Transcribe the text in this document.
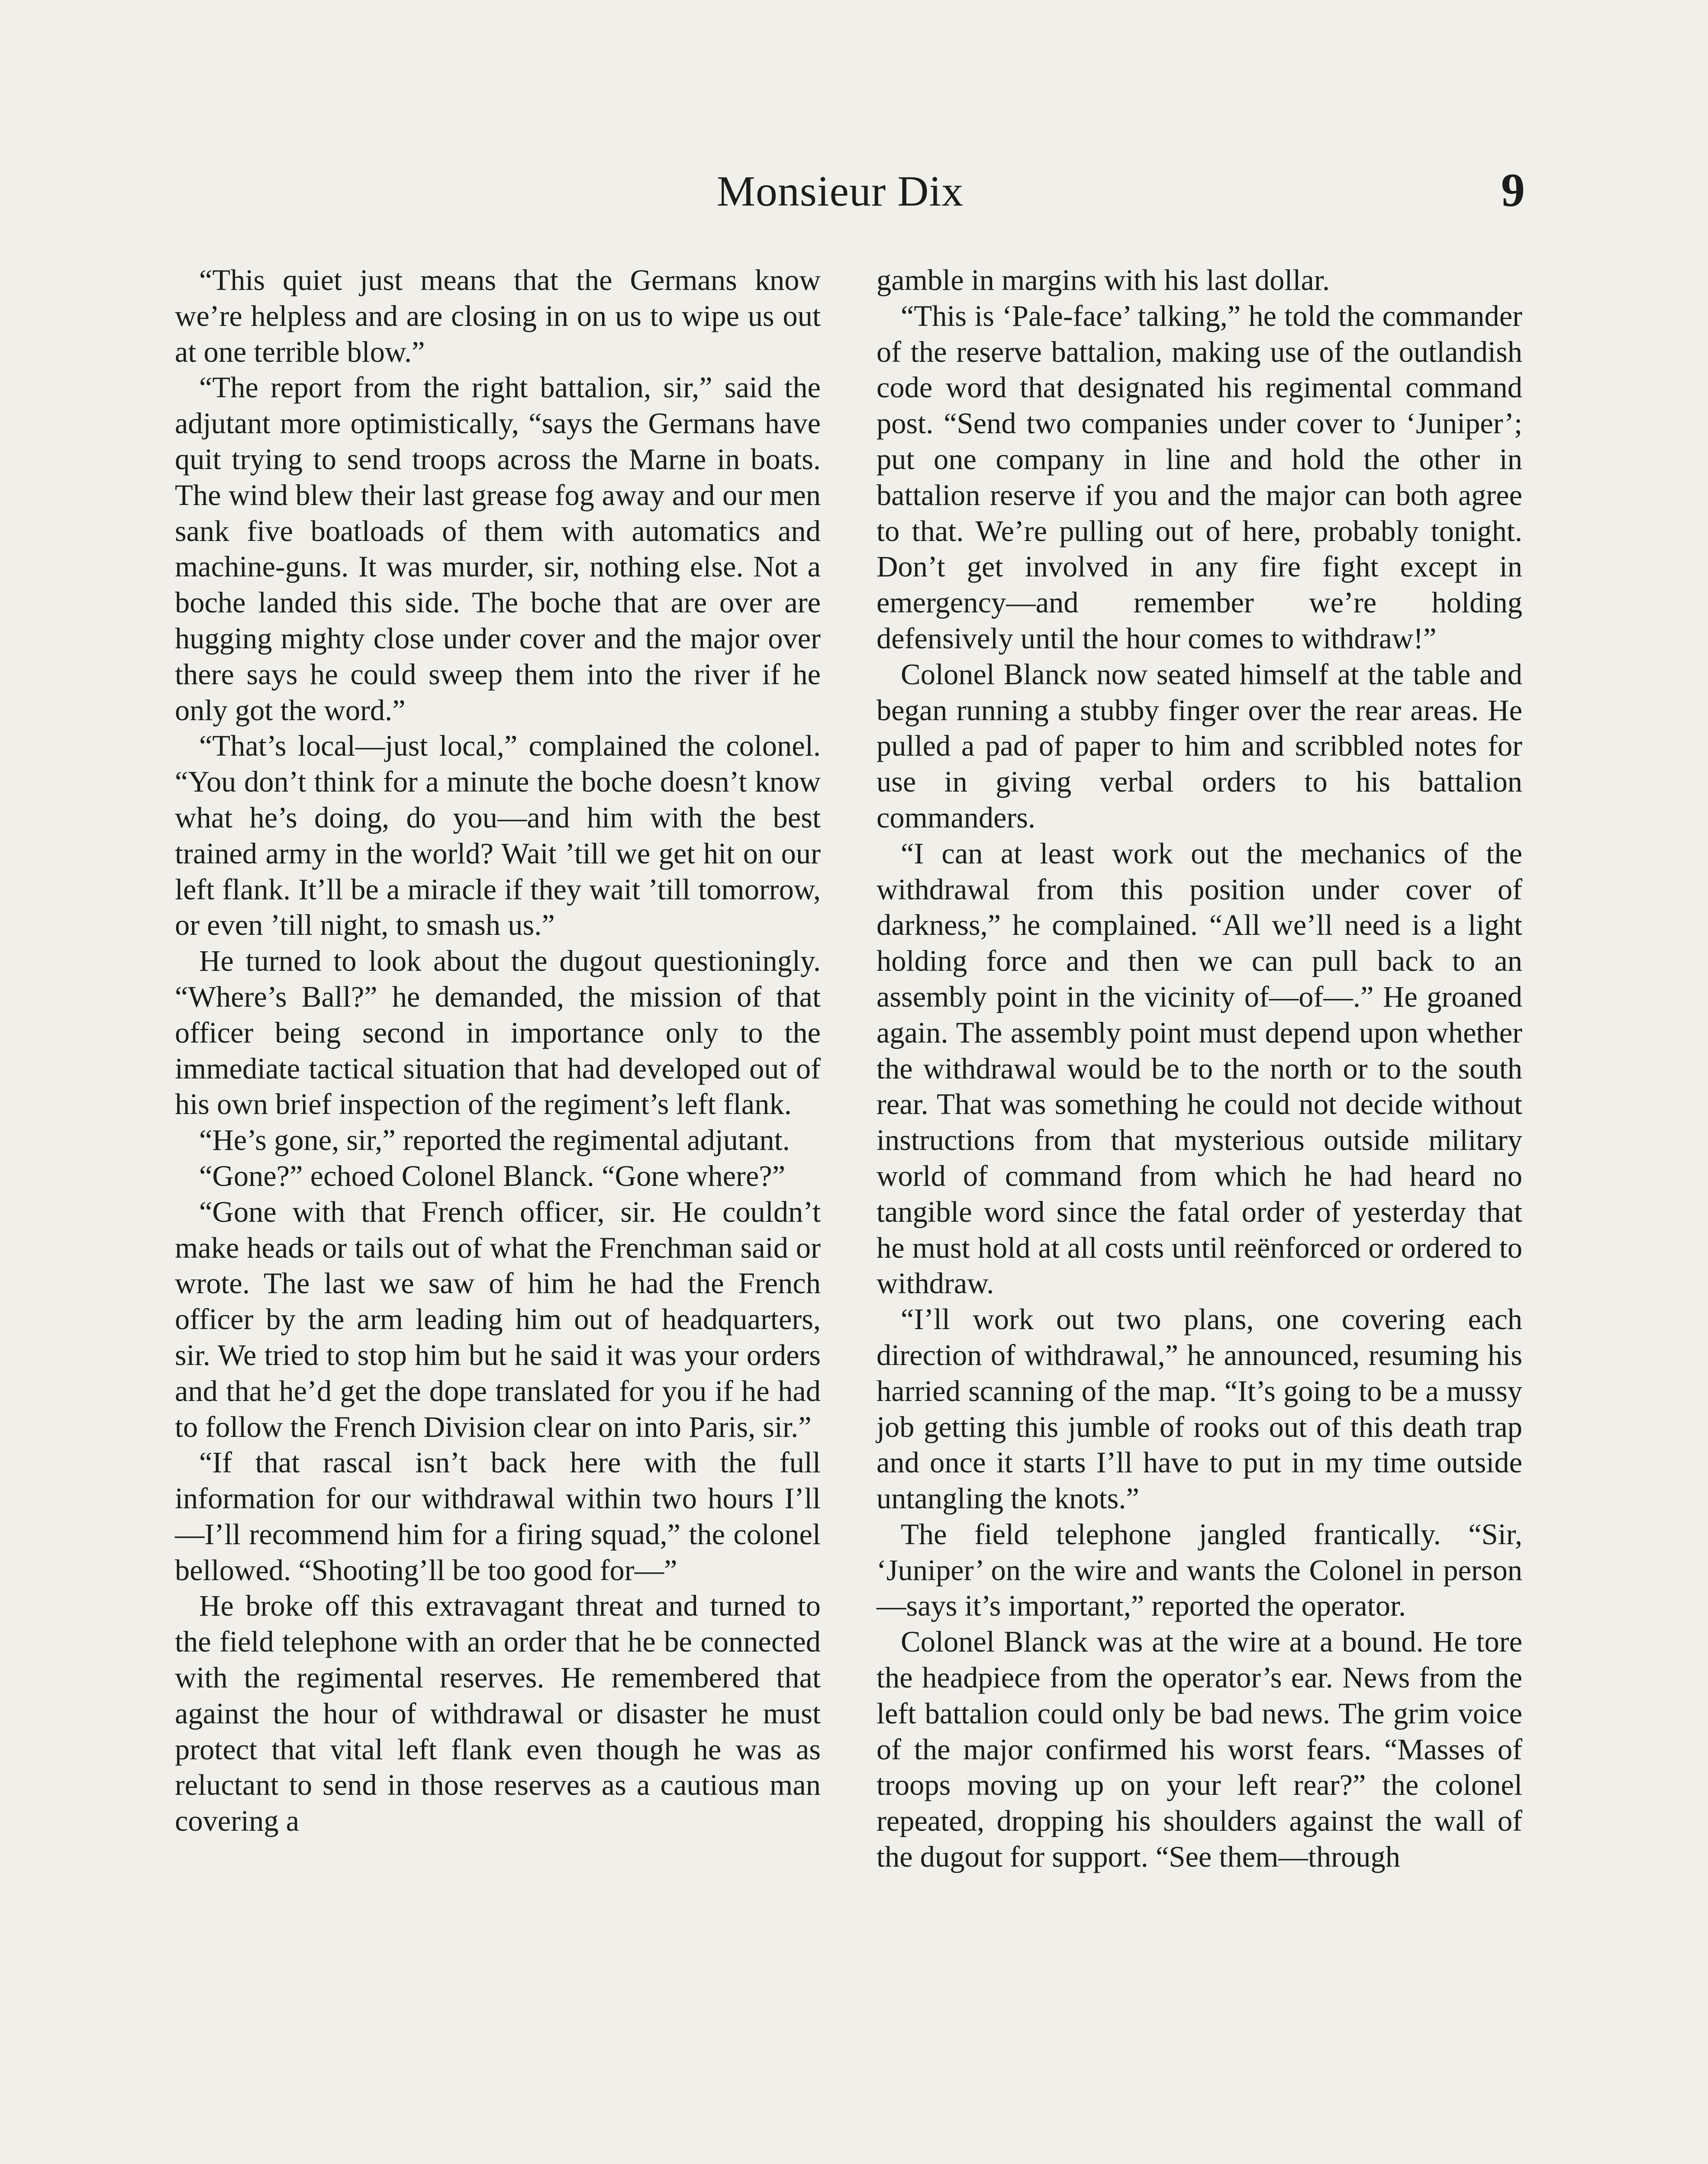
Monsieur Dix	9

“This quiet just means that the Germans know we’re helpless and are closing in on us to wipe us out at one terrible blow.”

“The report from the right battalion, sir,” said the adjutant more optimistically, “says the Germans have quit trying to send troops across the Marne in boats. The wind blew their last grease fog away and our men sank five boatloads of them with automatics and machine-guns. It was murder, sir, nothing else. Not a boche landed this side. The boche that are over are hugging mighty close under cover and the major over there says he could sweep them into the river if he only got the word.”

“That’s local—just local,” complained the colonel. “You don’t think for a minute the boche doesn’t know what he’s doing, do you—and him with the best trained army in the world? Wait ’till we get hit on our left flank. It’ll be a miracle if they wait ’till tomorrow, or even ’till night, to smash us.”

He turned to look about the dugout questioningly. “Where’s Ball?” he demanded, the mission of that officer being second in importance only to the immediate tactical situation that had developed out of his own brief inspection of the regiment’s left flank.

“He’s gone, sir,” reported the regimental adjutant.

“Gone?” echoed Colonel Blanck. “Gone where?”

“Gone with that French officer, sir. He couldn’t make heads or tails out of what the Frenchman said or wrote. The last we saw of him he had the French officer by the arm leading him out of headquarters, sir. We tried to stop him but he said it was your orders and that he’d get the dope translated for you if he had to follow the French Division clear on into Paris, sir.”

“If that rascal isn’t back here with the full information for our withdrawal within two hours I’ll—I’ll recommend him for a firing squad,” the colonel bellowed. “Shooting’ll be too good for—”

He broke off this extravagant threat and turned to the field telephone with an order that he be connected with the regimental reserves. He remembered that against the hour of withdrawal or disaster he must protect that vital left flank even though he was as reluctant to send in those reserves as a cautious man covering a

gamble in margins with his last dollar.

“This is ‘Pale-face’ talking,” he told the commander of the reserve battalion, making use of the outlandish code word that designated his regimental command post. “Send two companies under cover to ‘Juniper’; put one company in line and hold the other in battalion reserve if you and the major can both agree to that. We’re pulling out of here, probably tonight. Don’t get involved in any fire fight except in emergency—and remember we’re holding defensively until the hour comes to withdraw!”

Colonel Blanck now seated himself at the table and began running a stubby finger over the rear areas. He pulled a pad of paper to him and scribbled notes for use in giving verbal orders to his battalion commanders.

“I can at least work out the mechanics of the withdrawal from this position under cover of darkness,” he complained. “All we’ll need is a light holding force and then we can pull back to an assembly point in the vicinity of—of—.” He groaned again. The assembly point must depend upon whether the withdrawal would be to the north or to the south rear. That was something he could not decide without instructions from that mysterious outside military world of command from which he had heard no tangible word since the fatal order of yesterday that he must hold at all costs until reënforced or ordered to withdraw.

“I’ll work out two plans, one covering each direction of withdrawal,” he announced, resuming his harried scanning of the map. “It’s going to be a mussy job getting this jumble of rooks out of this death trap and once it starts I’ll have to put in my time outside untangling the knots.”

The field telephone jangled frantically. “Sir, ‘Juniper’ on the wire and wants the Colonel in person—says it’s important,” reported the operator.

Colonel Blanck was at the wire at a bound. He tore the headpiece from the operator’s ear. News from the left battalion could only be bad news. The grim voice of the major confirmed his worst fears. “Masses of troops moving up on your left rear?” the colonel repeated, dropping his shoulders against the wall of the dugout for support. “See them—through
